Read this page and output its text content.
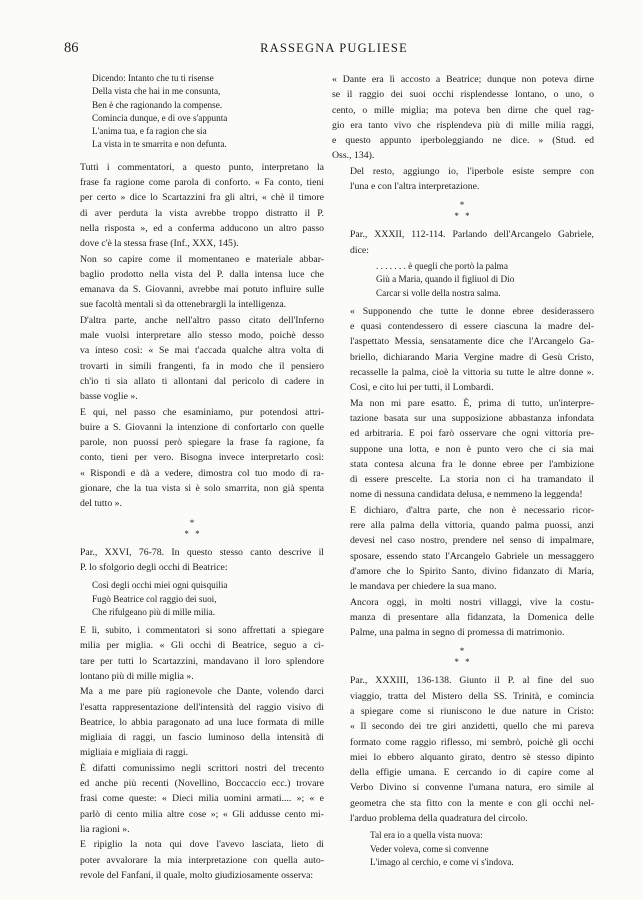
86	RASSEGNA PUGLIESE
Dicendo: Intanto che tu ti risense
Della vista che hai in me consunta,
Ben è che ragionando la compense.
Comincia dunque, e di ove s'appunta
L'anima tua, e fa ragion che sia
La vista in te smarrita e non defunta.

Tutti i commentatori, a questo punto, interpretano la
frase fa ragione come parola di conforto. « Fa conto, tieni
per certo » dice lo Scartazzini fra gli altri, « chè il timore
di aver perduta la vista avrebbe troppo distratto il P.
nella risposta », ed a conferma adducono un altro passo
dove c'è la stessa frase (Inf., XXX, 145).

Non so capire come il momentaneo e materiale abbar-
baglio prodotto nella vista del P. dalla intensa luce che
emanava da S. Giovanni, avrebbe mai potuto influire sulle
sue facoltà mentali sì da ottenebrargli la intelligenza.

D'altra parte, anche nell'altro passo citato dell'Inferno
male vuolsi interpretare allo stesso modo, poichè desso
va inteso così: « Se mai t'accada qualche altra volta di
trovarti in simili frangenti, fa in modo che il pensiero
ch'io ti sia allato ti allontani dal pericolo di cadere in
basse voglie ».

E qui, nel passo che esaminiamo, pur potendosi attri-
buire a S. Giovanni la intenzione di confortarlo con quelle
parole, non puossi però spiegare la frase fa ragione, fa
conto, tieni per vero. Bisogna invece interpretarlo così:
« Rispondi e dà a vedere, dimostra col tuo modo di ra-
gionare, che la tua vista si è solo smarrita, non già spenta
del tutto ».

*
* *

Par., XXVI, 76-78. In questo stesso canto descrive il
P. lo sfolgorio degli occhi di Beatrice:

Così degli occhi miei ogni quisquilia
Fugò Beatrice col raggio dei suoi,
Che rifulgeano più di mille milia.

E lì, subito, i commentatori si sono affrettati a spiegare
milia per miglia. « Gli occhi di Beatrice, seguo a ci-
tare per tutti lo Scartazzini, mandavano il loro splendore
lontano più di mille miglia ».

Ma a me pare più ragionevole che Dante, volendo darci
l'esatta rappresentazione dell'intensità del raggio visivo di
Beatrice, lo abbia paragonato ad una luce formata di mille
migliaia di raggi, un fascio luminoso della intensità di
migliaia e migliaia di raggi.

È difatti comunissimo negli scrittori nostri del trecento
ed anche più recenti (Novellino, Boccaccio ecc.) trovare
frasi come queste: « Dieci milia uomini armati.... »; « e
parlò di cento milia altre cose »; « Gli addusse cento mi-
lia ragioni ».

E ripiglio la nota qui dove l'avevo lasciata, lieto di
poter avvalorare la mia interpretazione con quella auto-
revole del Fanfani, il quale, molto giudiziosamente osserva:

« Dante era lì accosto a Beatrice; dunque non poteva dirne
se il raggio dei suoi occhi risplendesse lontano, o uno, o
cento, o mille miglia; ma poteva ben dirne che quel rag-
gio era tanto vivo che risplendeva più di mille milia raggi,
e questo appunto iperboleggiando ne dice. » (Stud. ed
Oss., 134).

Del resto, aggiungo io, l'iperbole esiste sempre con
l'una e con l'altra interpretazione.

*
* *

Par., XXXII, 112-114. Parlando dell'Arcangelo Gabriele,
dice:

. . . . . . . è quegli che portò la palma
Giù a Maria, quando il figliuol di Dio
Carcar si volle della nostra salma.

« Supponendo che tutte le donne ebree desiderassero
e quasi contendessero di essere ciascuna la madre del-
l'aspettato Messia, sensatamente dice che l'Arcangelo Ga-
briello, dichiarando Maria Vergine madre di Gesù Cristo,
recasselle la palma, cioè la vittoria su tutte le altre donne ».
Così, e cito lui per tutti, il Lombardi.

Ma non mi pare esatto. È, prima di tutto, un'interpre-
tazione basata sur una supposizione abbastanza infondata
ed arbitraria. E poi farò osservare che ogni vittoria pre-
suppone una lotta, e non è punto vero che ci sia mai
stata contesa alcuna fra le donne ebree per l'ambizione
di essere prescelte. La storia non ci ha tramandato il
nome di nessuna candidata delusa, e nemmeno la leggenda!

E dichiaro, d'altra parte, che non è necessario ricor-
rere alla palma della vittoria, quando palma puossi, anzi
devesi nel caso nostro, prendere nel senso di impalmare,
sposare, essendo stato l'Arcangelo Gabriele un messaggero
d'amore che lo Spirito Santo, divino fidanzato di Maria,
le mandava per chiedere la sua mano.

Ancora oggi, in molti nostri villaggi, vive la costu-
manza di presentare alla fidanzata, la Domenica delle
Palme, una palma in segno di promessa di matrimonio.

*
* *

Par., XXXIII, 136-138. Giunto il P. al fine del suo
viaggio, tratta del Mistero della SS. Trinità, e comincia
a spiegare come si riuniscono le due nature in Cristo:
« Il secondo dei tre giri anzidetti, quello che mi pareva
formato come raggio riflesso, mi sembrò, poichè gli occhi
miei lo ebbero alquanto girato, dentro sè stesso dipinto
della effigie umana. E cercando io di capire come al
Verbo Divino si convenne l'umana natura, ero simile al
geometra che sta fitto con la mente e con gli occhi nel-
l'arduo problema della quadratura del circolo.

Tal era io a quella vista nuova:
Veder voleva, come si convenne
L'imago al cerchio, e come vi s'indova.
